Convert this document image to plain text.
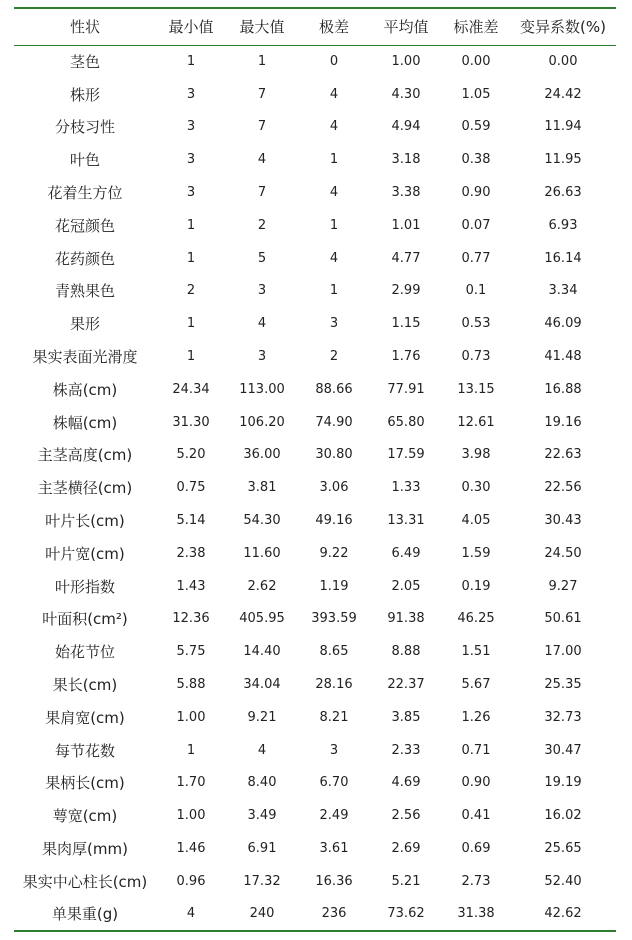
性状	最小值	最大值	极差	平均值	标准差	变异系数(%)
茎色	1	1	0	1.00	0.00	0.00
株形	3	7	4	4.30	1.05	24.42
分枝习性	3	7	4	4.94	0.59	11.94
叶色	3	4	1	3.18	0.38	11.95
花着生方位	3	7	4	3.38	0.90	26.63
花冠颜色	1	2	1	1.01	0.07	6.93
花药颜色	1	5	4	4.77	0.77	16.14
青熟果色	2	3	1	2.99	0.1	3.34
果形	1	4	3	1.15	0.53	46.09
果实表面光滑度	1	3	2	1.76	0.73	41.48
株高(cm)	24.34	113.00	88.66	77.91	13.15	16.88
株幅(cm)	31.30	106.20	74.90	65.80	12.61	19.16
主茎高度(cm)	5.20	36.00	30.80	17.59	3.98	22.63
主茎横径(cm)	0.75	3.81	3.06	1.33	0.30	22.56
叶片长(cm)	5.14	54.30	49.16	13.31	4.05	30.43
叶片宽(cm)	2.38	11.60	9.22	6.49	1.59	24.50
叶形指数	1.43	2.62	1.19	2.05	0.19	9.27
叶面积(cm²)	12.36	405.95	393.59	91.38	46.25	50.61
始花节位	5.75	14.40	8.65	8.88	1.51	17.00
果长(cm)	5.88	34.04	28.16	22.37	5.67	25.35
果肩宽(cm)	1.00	9.21	8.21	3.85	1.26	32.73
每节花数	1	4	3	2.33	0.71	30.47
果柄长(cm)	1.70	8.40	6.70	4.69	0.90	19.19
萼宽(cm)	1.00	3.49	2.49	2.56	0.41	16.02
果肉厚(mm)	1.46	6.91	3.61	2.69	0.69	25.65
果实中心柱长(cm)	0.96	17.32	16.36	5.21	2.73	52.40
单果重(g)	4	240	236	73.62	31.38	42.62
